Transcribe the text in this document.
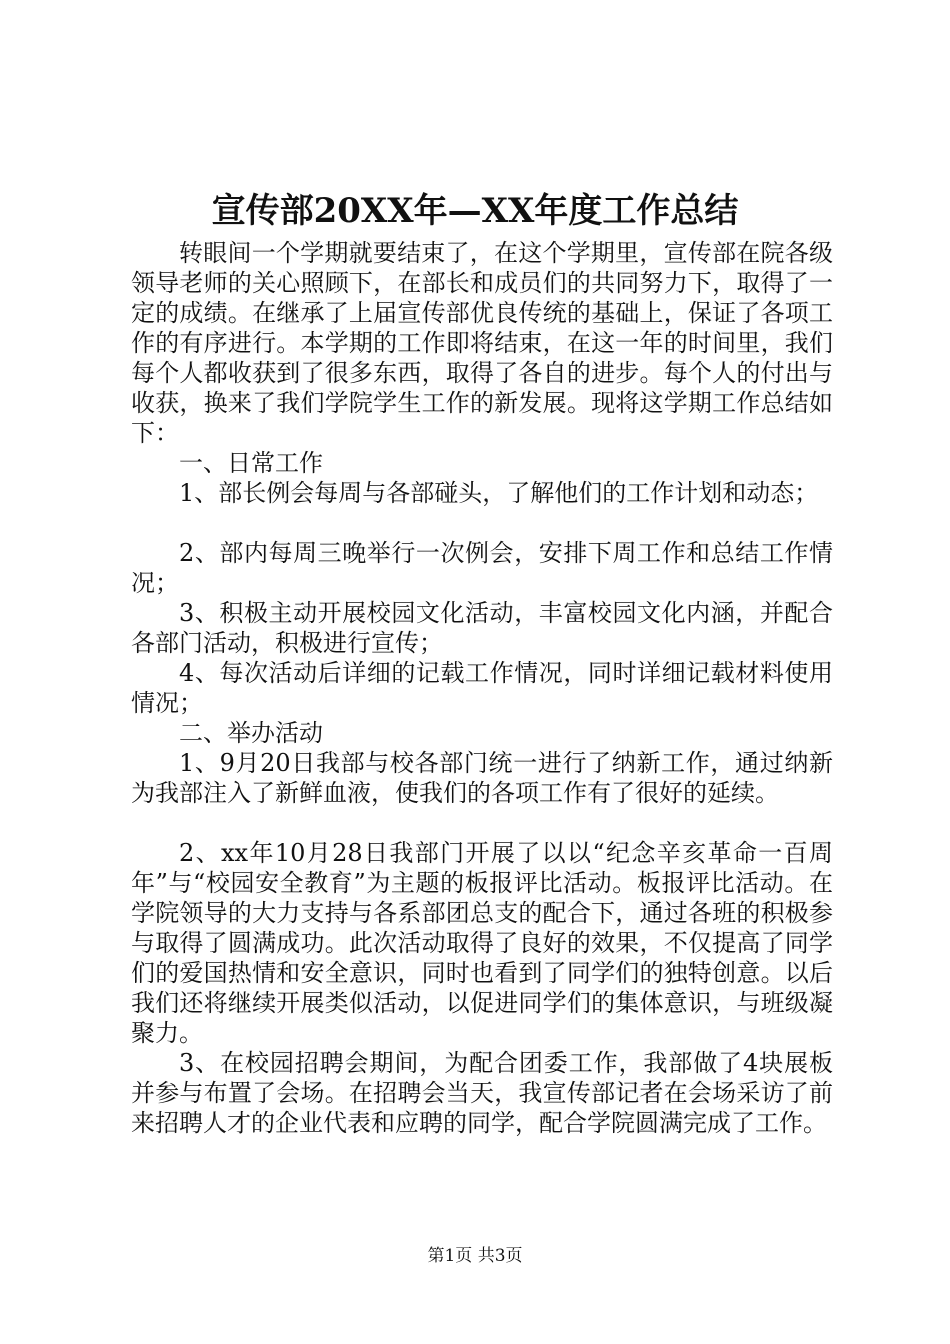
宣传部20XX年—XX年度工作总结

转眼间一个学期就要结束了，在这个学期里，宣传部在院各级领导老师的关心照顾下，在部长和成员们的共同努力下，取得了一定的成绩。在继承了上届宣传部优良传统的基础上，保证了各项工作的有序进行。本学期的工作即将结束，在这一年的时间里，我们每个人都收获到了很多东西，取得了各自的进步。每个人的付出与收获，换来了我们学院学生工作的新发展。现将这学期工作总结如下：

一、日常工作

1、部长例会每周与各部碰头，了解他们的工作计划和动态；

2、部内每周三晚举行一次例会，安排下周工作和总结工作情况；

3、积极主动开展校园文化活动，丰富校园文化内涵，并配合各部门活动，积极进行宣传；

4、每次活动后详细的记载工作情况，同时详细记载材料使用情况；

二、举办活动

1、9月20日我部与校各部门统一进行了纳新工作，通过纳新为我部注入了新鲜血液，使我们的各项工作有了很好的延续。

2、xx年10月28日我部门开展了以以“纪念辛亥革命一百周年”与“校园安全教育”为主题的板报评比活动。板报评比活动。在学院领导的大力支持与各系部团总支的配合下，通过各班的积极参与取得了圆满成功。此次活动取得了良好的效果，不仅提高了同学们的爱国热情和安全意识，同时也看到了同学们的独特创意。以后我们还将继续开展类似活动，以促进同学们的集体意识，与班级凝聚力。

3、在校园招聘会期间，为配合团委工作，我部做了4块展板并参与布置了会场。在招聘会当天，我宣传部记者在会场采访了前来招聘人才的企业代表和应聘的同学，配合学院圆满完成了工作。

第1页 共3页
